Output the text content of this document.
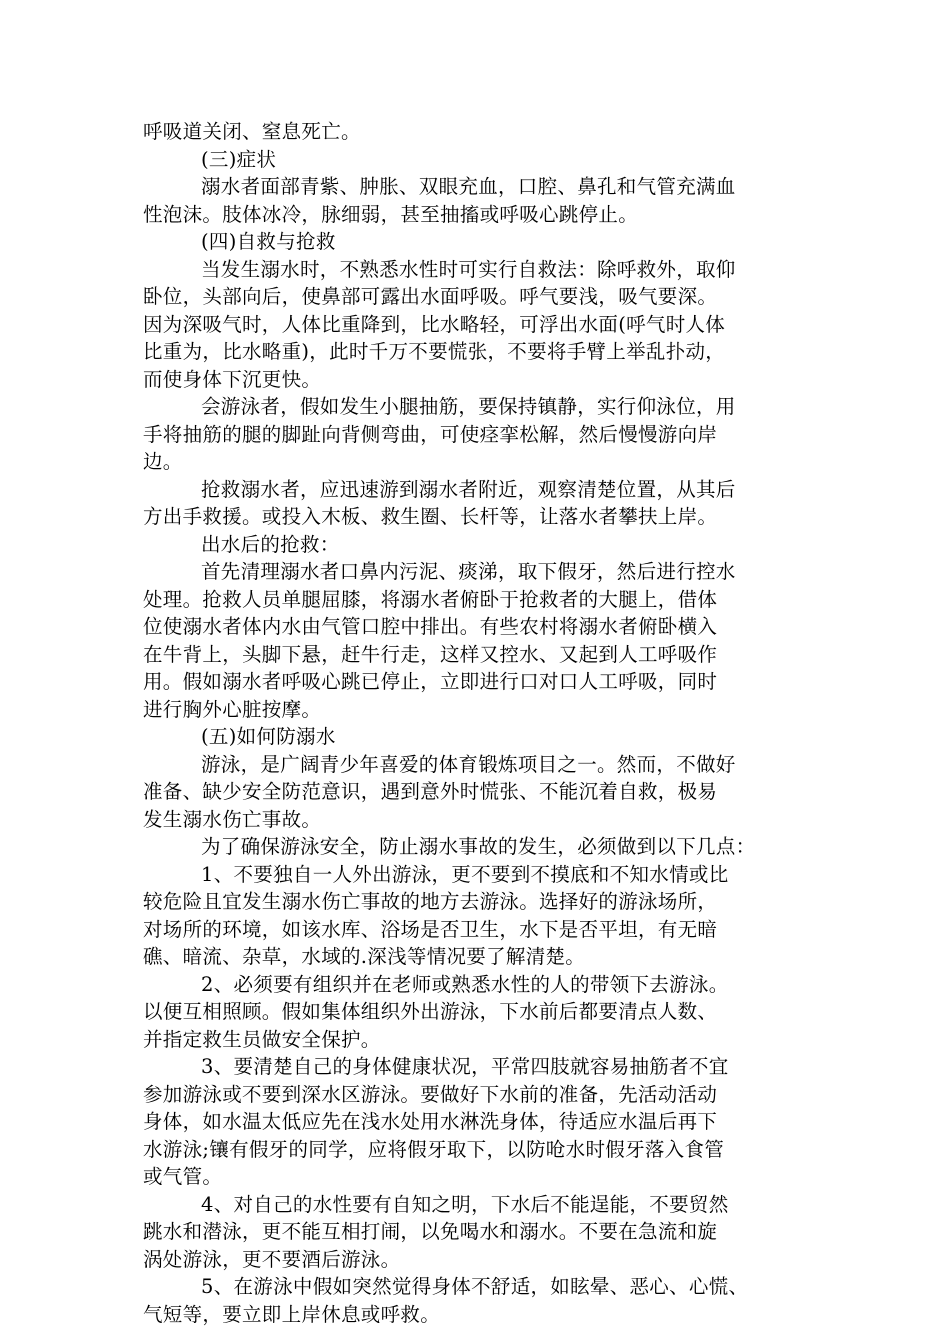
呼吸道关闭、窒息死亡。
(三)症状
溺水者面部青紫、肿胀、双眼充血，口腔、鼻孔和气管充满血
性泡沫。肢体冰冷，脉细弱，甚至抽搐或呼吸心跳停止。
(四)自救与抢救
当发生溺水时，不熟悉水性时可实行自救法：除呼救外，取仰
卧位，头部向后，使鼻部可露出水面呼吸。呼气要浅，吸气要深。
因为深吸气时，人体比重降到，比水略轻，可浮出水面(呼气时人体
比重为，比水略重)，此时千万不要慌张，不要将手臂上举乱扑动，
而使身体下沉更快。
会游泳者，假如发生小腿抽筋，要保持镇静，实行仰泳位，用
手将抽筋的腿的脚趾向背侧弯曲，可使痉挛松解，然后慢慢游向岸
边。
抢救溺水者，应迅速游到溺水者附近，观察清楚位置，从其后
方出手救援。或投入木板、救生圈、长杆等，让落水者攀扶上岸。
出水后的抢救：
首先清理溺水者口鼻内污泥、痰涕，取下假牙，然后进行控水
处理。抢救人员单腿屈膝，将溺水者俯卧于抢救者的大腿上，借体
位使溺水者体内水由气管口腔中排出。有些农村将溺水者俯卧横入
在牛背上，头脚下悬，赶牛行走，这样又控水、又起到人工呼吸作
用。假如溺水者呼吸心跳已停止，立即进行口对口人工呼吸，同时
进行胸外心脏按摩。
(五)如何防溺水
游泳，是广阔青少年喜爱的体育锻炼项目之一。然而，不做好
准备、缺少安全防范意识，遇到意外时慌张、不能沉着自救，极易
发生溺水伤亡事故。
为了确保游泳安全，防止溺水事故的发生，必须做到以下几点：
1、不要独自一人外出游泳，更不要到不摸底和不知水情或比
较危险且宜发生溺水伤亡事故的地方去游泳。选择好的游泳场所，
对场所的环境，如该水库、浴场是否卫生，水下是否平坦，有无暗
礁、暗流、杂草，水域的.深浅等情况要了解清楚。
2、必须要有组织并在老师或熟悉水性的人的带领下去游泳。
以便互相照顾。假如集体组织外出游泳，下水前后都要清点人数、
并指定救生员做安全保护。
3、要清楚自己的身体健康状况，平常四肢就容易抽筋者不宜
参加游泳或不要到深水区游泳。要做好下水前的准备，先活动活动
身体，如水温太低应先在浅水处用水淋洗身体，待适应水温后再下
水游泳;镶有假牙的同学，应将假牙取下，以防呛水时假牙落入食管
或气管。
4、对自己的水性要有自知之明，下水后不能逞能，不要贸然
跳水和潜泳，更不能互相打闹，以免喝水和溺水。不要在急流和旋
涡处游泳，更不要酒后游泳。
5、在游泳中假如突然觉得身体不舒适，如眩晕、恶心、心慌、
气短等，要立即上岸休息或呼救。
